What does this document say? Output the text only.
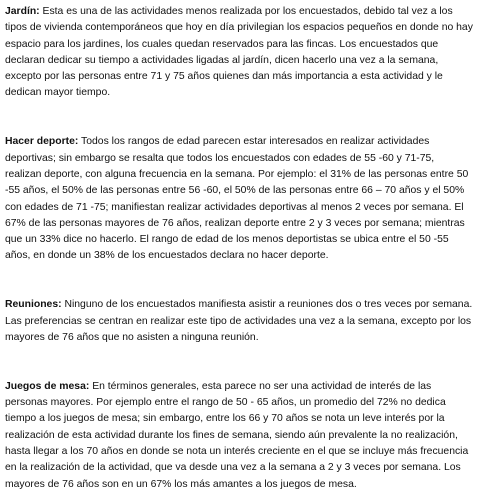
Jardín: Esta es una de las actividades menos realizada por los encuestados, debido tal vez a los tipos de vivienda contemporáneos que hoy en día privilegian los espacios pequeños en donde no hay espacio para los jardines, los cuales quedan reservados para las fincas. Los encuestados que declaran dedicar su tiempo a actividades ligadas al jardín, dicen hacerlo una vez a la semana, excepto por las personas entre 71 y 75 años quienes dan más importancia a esta actividad y le dedican mayor tiempo.

Hacer deporte: Todos los rangos de edad parecen estar interesados en realizar actividades deportivas; sin embargo se resalta que todos los encuestados con edades de 55 -60 y 71-75, realizan deporte, con alguna frecuencia en la semana. Por ejemplo: el 31% de las personas entre 50 -55 años, el 50% de las personas entre 56 -60, el 50% de las personas entre 66 – 70 años y el 50% con edades de 71 -75; manifiestan realizar actividades deportivas al menos 2 veces por semana. El 67% de las personas mayores de 76 años, realizan deporte entre 2 y 3 veces por semana; mientras que un 33% dice no hacerlo. El rango de edad de los menos deportistas se ubica entre el 50 -55 años, en donde un 38% de los encuestados declara no hacer deporte.

Reuniones: Ninguno de los encuestados manifiesta asistir a reuniones dos o tres veces por semana. Las preferencias se centran en realizar este tipo de actividades una vez a la semana, excepto por los mayores de 76 años que no asisten a ninguna reunión.

Juegos de mesa: En términos generales, esta parece no ser una actividad de interés de las personas mayores. Por ejemplo entre el rango de 50 - 65 años, un promedio del 72% no dedica tiempo a los juegos de mesa; sin embargo, entre los 66 y 70 años se nota un leve interés por la realización de esta actividad durante los fines de semana, siendo aún prevalente la no realización, hasta llegar a los 70 años en donde se nota un interés creciente en el que se incluye más frecuencia en la realización de la actividad, que va desde una vez a la semana a 2 y 3 veces por semana. Los mayores de 76 años son en un 67% los más amantes a los juegos de mesa.
